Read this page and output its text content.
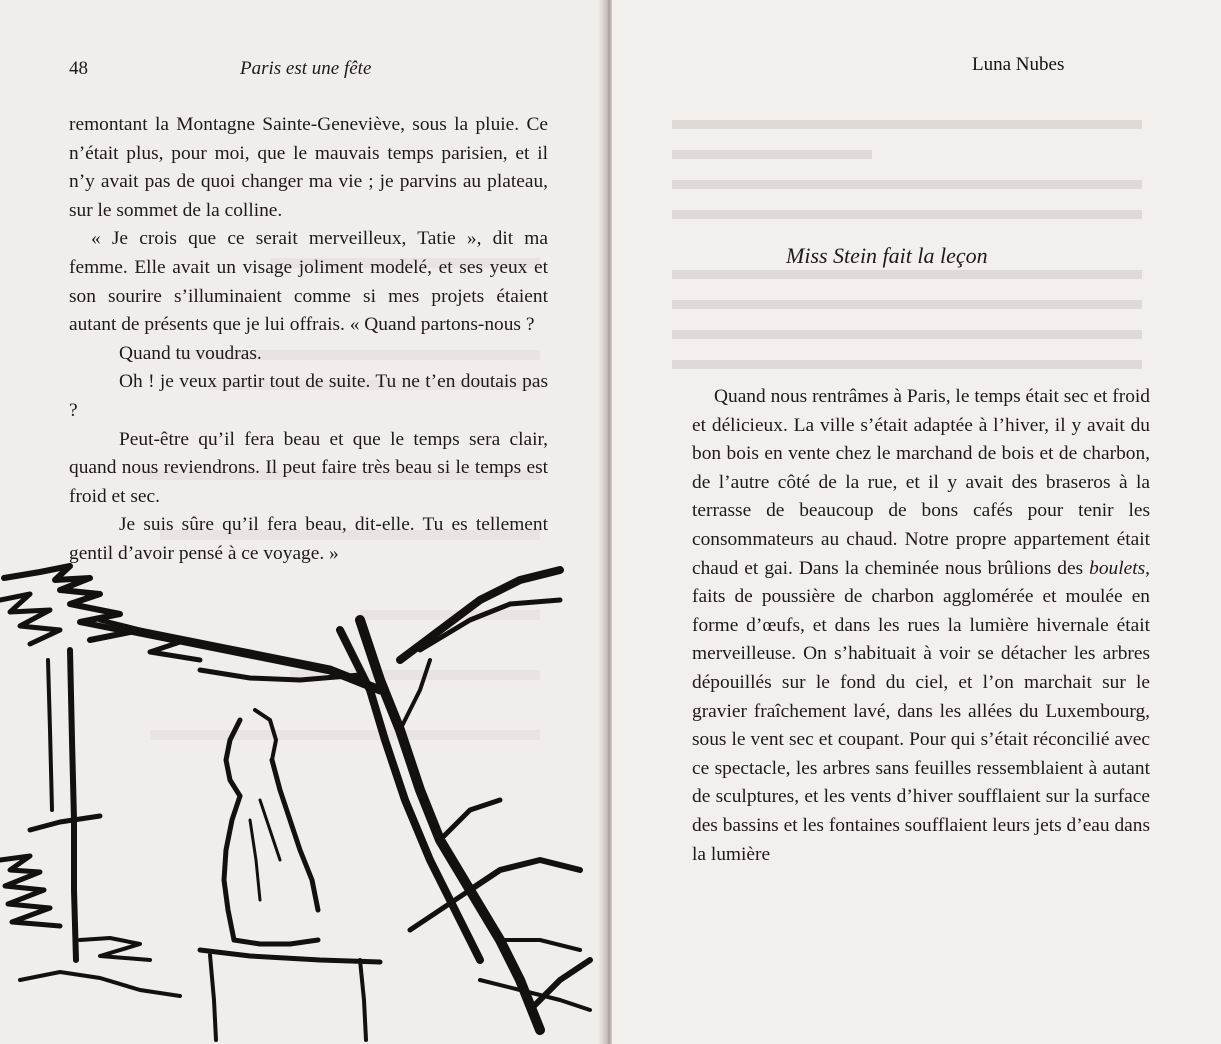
48	Paris est une fête

remontant la Montagne Sainte-Geneviève, sous la pluie. Ce n’était plus, pour moi, que le mauvais temps parisien, et il n’y avait pas de quoi changer ma vie ; je parvins au plateau, sur le sommet de la colline.

« Je crois que ce serait merveilleux, Tatie », dit ma femme. Elle avait un visage joliment modelé, et ses yeux et son sourire s’illuminaient comme si mes projets étaient autant de présents que je lui offrais. « Quand partons-nous ?

Quand tu voudras.

Oh ! je veux partir tout de suite. Tu ne t’en doutais pas ?

Peut-être qu’il fera beau et que le temps sera clair, quand nous reviendrons. Il peut faire très beau si le temps est froid et sec.

Je suis sûre qu’il fera beau, dit-elle. Tu es tellement gentil d’avoir pensé à ce voyage. »

Luna Nubes
Miss Stein fait la leçon

Quand nous rentrâmes à Paris, le temps était sec et froid et délicieux. La ville s’était adaptée à l’hiver, il y avait du bon bois en vente chez le marchand de bois et de charbon, de l’autre côté de la rue, et il y avait des braseros à la terrasse de beaucoup de bons cafés pour tenir les consommateurs au chaud. Notre propre appartement était chaud et gai. Dans la cheminée nous brûlions des boulets, faits de poussière de charbon agglomérée et moulée en forme d’œufs, et dans les rues la lumière hivernale était merveilleuse. On s’habituait à voir se détacher les arbres dépouillés sur le fond du ciel, et l’on marchait sur le gravier fraîchement lavé, dans les allées du Luxembourg, sous le vent sec et coupant. Pour qui s’était réconcilié avec ce spectacle, les arbres sans feuilles ressemblaient à autant de sculptures, et les vents d’hiver soufflaient sur la surface des bassins et les fontaines soufflaient leurs jets d’eau dans la lumière
